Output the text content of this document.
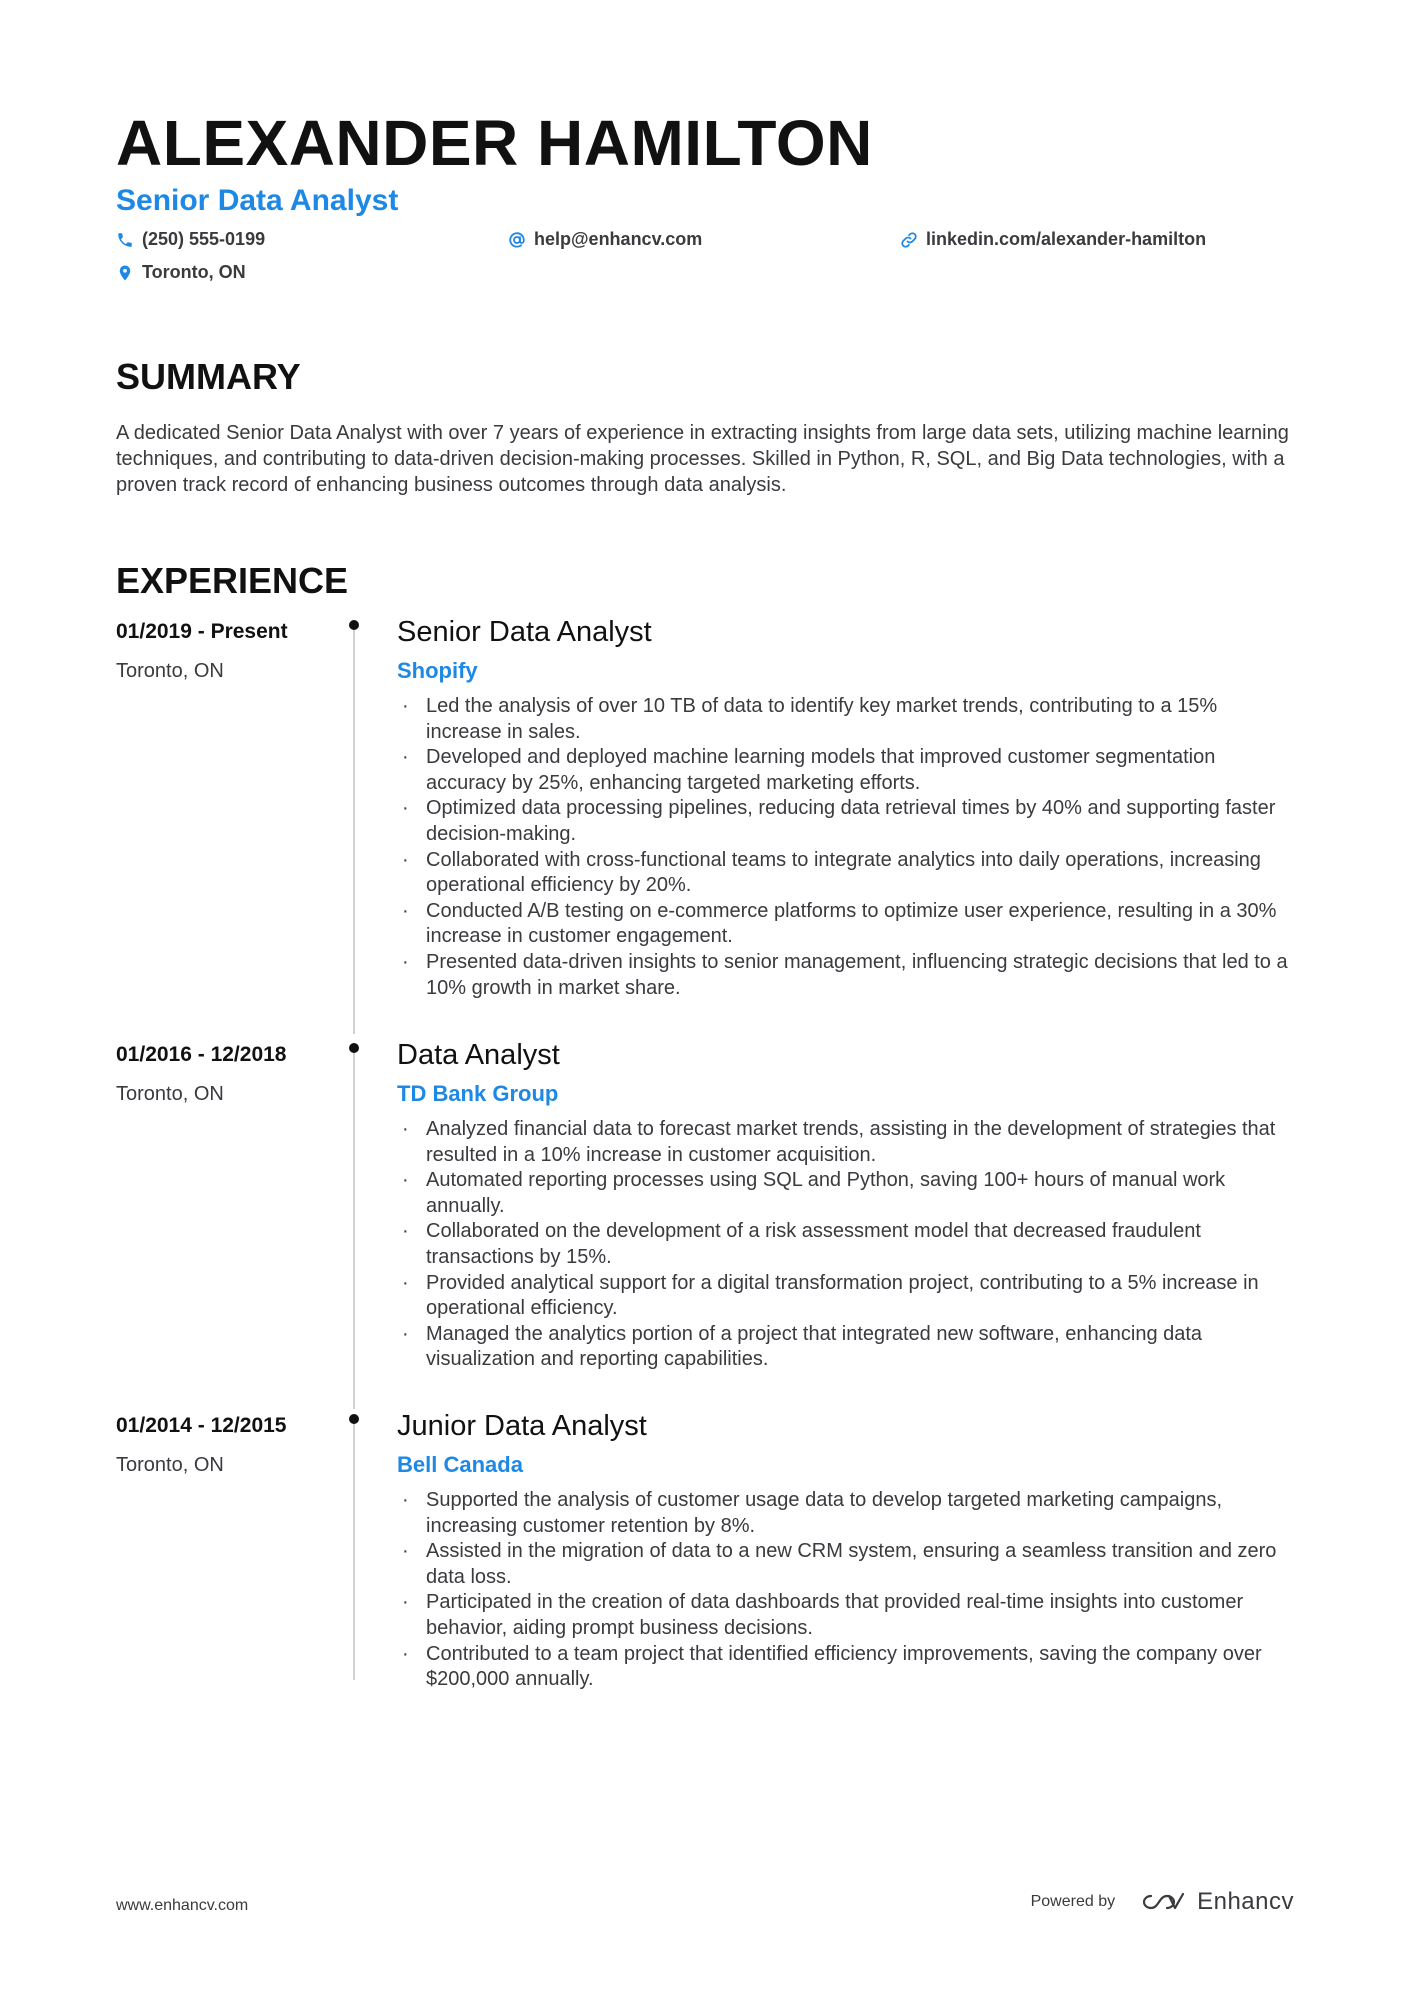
ALEXANDER HAMILTON
Senior Data Analyst
(250) 555-0199	help@enhancv.com	linkedin.com/alexander-hamilton
Toronto, ON
SUMMARY
A dedicated Senior Data Analyst with over 7 years of experience in extracting insights from large data sets, utilizing machine learning techniques, and contributing to data-driven decision-making processes. Skilled in Python, R, SQL, and Big Data technologies, with a proven track record of enhancing business outcomes through data analysis.
EXPERIENCE
01/2019 - Present
Toronto, ON
Senior Data Analyst
Shopify
· Led the analysis of over 10 TB of data to identify key market trends, contributing to a 15% increase in sales.
· Developed and deployed machine learning models that improved customer segmentation accuracy by 25%, enhancing targeted marketing efforts.
· Optimized data processing pipelines, reducing data retrieval times by 40% and supporting faster decision-making.
· Collaborated with cross-functional teams to integrate analytics into daily operations, increasing operational efficiency by 20%.
· Conducted A/B testing on e-commerce platforms to optimize user experience, resulting in a 30% increase in customer engagement.
· Presented data-driven insights to senior management, influencing strategic decisions that led to a 10% growth in market share.
01/2016 - 12/2018
Toronto, ON
Data Analyst
TD Bank Group
· Analyzed financial data to forecast market trends, assisting in the development of strategies that resulted in a 10% increase in customer acquisition.
· Automated reporting processes using SQL and Python, saving 100+ hours of manual work annually.
· Collaborated on the development of a risk assessment model that decreased fraudulent transactions by 15%.
· Provided analytical support for a digital transformation project, contributing to a 5% increase in operational efficiency.
· Managed the analytics portion of a project that integrated new software, enhancing data visualization and reporting capabilities.
01/2014 - 12/2015
Toronto, ON
Junior Data Analyst
Bell Canada
· Supported the analysis of customer usage data to develop targeted marketing campaigns, increasing customer retention by 8%.
· Assisted in the migration of data to a new CRM system, ensuring a seamless transition and zero data loss.
· Participated in the creation of data dashboards that provided real-time insights into customer behavior, aiding prompt business decisions.
· Contributed to a team project that identified efficiency improvements, saving the company over $200,000 annually.
www.enhancv.com	Powered by	Enhancv
